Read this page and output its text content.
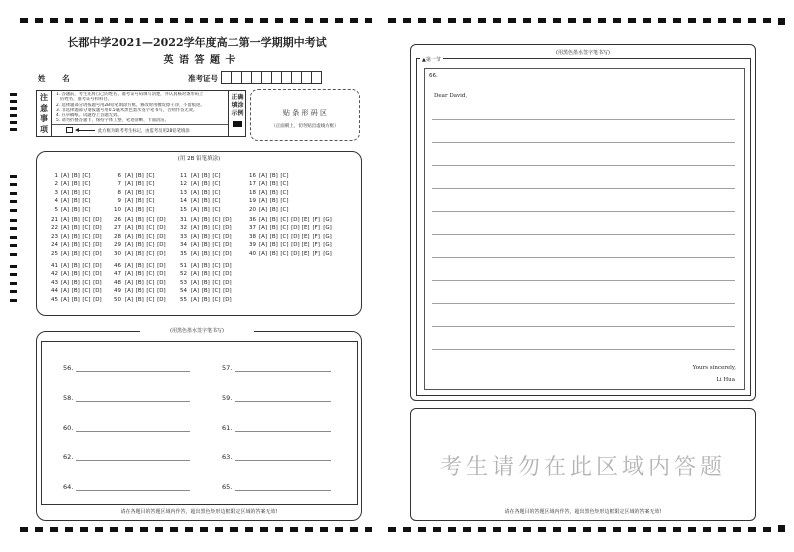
长郡中学2021—2022学年度高二第一学期期中考试
英 语 答 题 卡
姓 名	准考证号
注意事项
1. 答题前，考生先将自己的姓名、准考证号码填写清楚，并认真核对条形码上
　的姓名、准考证号和科目。
2. 选择题部分请按题号用2B铅笔填涂方框，修改时用橡皮擦干净，不留痕迹。
3. 非选择题部分请按题号用0.5毫米黑色墨水签字笔书写，否则作答无效。
4. 在草稿纸、试题卷上答题无效。
5. 请勿折叠答题卡，保持字体工整、笔迹清晰、卡面清洁。
此方框为缺考考生标记，由监考员用2B铅笔填涂
正确
填涂
示例	贴 条 形 码 区
（正面朝上，切勿贴出虚线方框）
(用 2B 铅笔填涂)
1 [A] [B] [C]
2 [A] [B] [C]
3 [A] [B] [C]
4 [A] [B] [C]
5 [A] [B] [C]
6 [A] [B] [C]
7 [A] [B] [C]
8 [A] [B] [C]
9 [A] [B] [C]
10 [A] [B] [C]
11 [A] [B] [C]
12 [A] [B] [C]
13 [A] [B] [C]
14 [A] [B] [C]
15 [A] [B] [C]
16 [A] [B] [C]
17 [A] [B] [C]
18 [A] [B] [C]
19 [A] [B] [C]
20 [A] [B] [C]
21 [A] [B] [C] [D]
22 [A] [B] [C] [D]
23 [A] [B] [C] [D]
24 [A] [B] [C] [D]
25 [A] [B] [C] [D]
26 [A] [B] [C] [D]
27 [A] [B] [C] [D]
28 [A] [B] [C] [D]
29 [A] [B] [C] [D]
30 [A] [B] [C] [D]
31 [A] [B] [C] [D]
32 [A] [B] [C] [D]
33 [A] [B] [C] [D]
34 [A] [B] [C] [D]
35 [A] [B] [C] [D]
36 [A] [B] [C] [D] [E] [F] [G]
37 [A] [B] [C] [D] [E] [F] [G]
38 [A] [B] [C] [D] [E] [F] [G]
39 [A] [B] [C] [D] [E] [F] [G]
40 [A] [B] [C] [D] [E] [F] [G]
41 [A] [B] [C] [D]
42 [A] [B] [C] [D]
43 [A] [B] [C] [D]
44 [A] [B] [C] [D]
45 [A] [B] [C] [D]
46 [A] [B] [C] [D]
47 [A] [B] [C] [D]
48 [A] [B] [C] [D]
49 [A] [B] [C] [D]
50 [A] [B] [C] [D]
51 [A] [B] [C] [D]
52 [A] [B] [C] [D]
53 [A] [B] [C] [D]
54 [A] [B] [C] [D]
55 [A] [B] [C] [D]
(用黑色墨水签字笔书写)
56.	57.
58.	59.
60.	61.
62.	63.
64.	65.
请在各题目的答题区域内作答，超出黑色矩形边框限定区域的答案无效!
(用黑色墨水签字笔书写)
▲第一节
66.
Dear David,
Yours sincerely,
Li Hua
考生请勿在此区域内答题
请在各题目的答题区域内作答，超出黑色矩形边框限定区域的答案无效!
